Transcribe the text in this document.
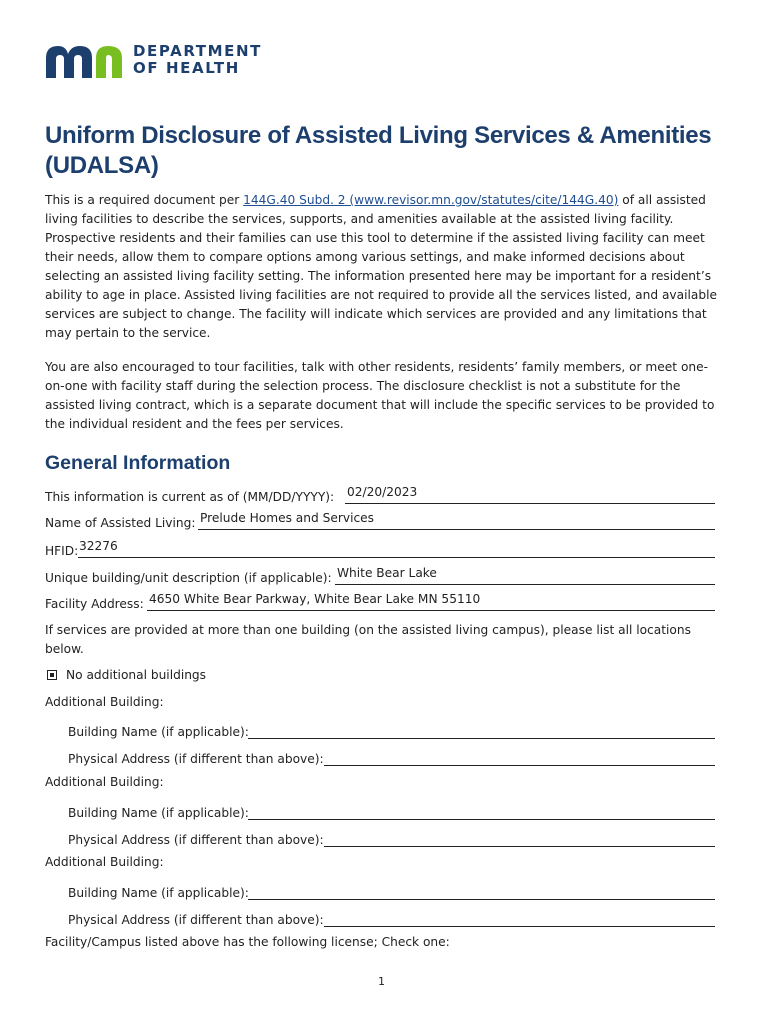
DEPARTMENT
OF HEALTH
Uniform Disclosure of Assisted Living Services & Amenities (UDALSA)

This is a required document per 144G.40 Subd. 2 (www.revisor.mn.gov/statutes/cite/144G.40) of all assisted living facilities to describe the services, supports, and amenities available at the assisted living facility. Prospective residents and their families can use this tool to determine if the assisted living facility can meet their needs, allow them to compare options among various settings, and make informed decisions about selecting an assisted living facility setting. The information presented here may be important for a resident’s ability to age in place. Assisted living facilities are not required to provide all the services listed, and available services are subject to change. The facility will indicate which services are provided and any limitations that may pertain to the service.

You are also encouraged to tour facilities, talk with other residents, residents’ family members, or meet one-on-one with facility staff during the selection process. The disclosure checklist is not a substitute for the assisted living contract, which is a separate document that will include the specific services to be provided to the individual resident and the fees per services.

General Information
This information is current as of (MM/DD/YYYY): 02/20/2023
Name of Assisted Living: Prelude Homes and Services
HFID: 32276
Unique building/unit description (if applicable): White Bear Lake
Facility Address: 4650 White Bear Parkway, White Bear Lake MN 55110
If services are provided at more than one building (on the assisted living campus), please list all locations below.
No additional buildings
Additional Building:
Building Name (if applicable):
Physical Address (if different than above):
Additional Building:
Building Name (if applicable):
Physical Address (if different than above):
Additional Building:
Building Name (if applicable):
Physical Address (if different than above):
Facility/Campus listed above has the following license; Check one:
1
